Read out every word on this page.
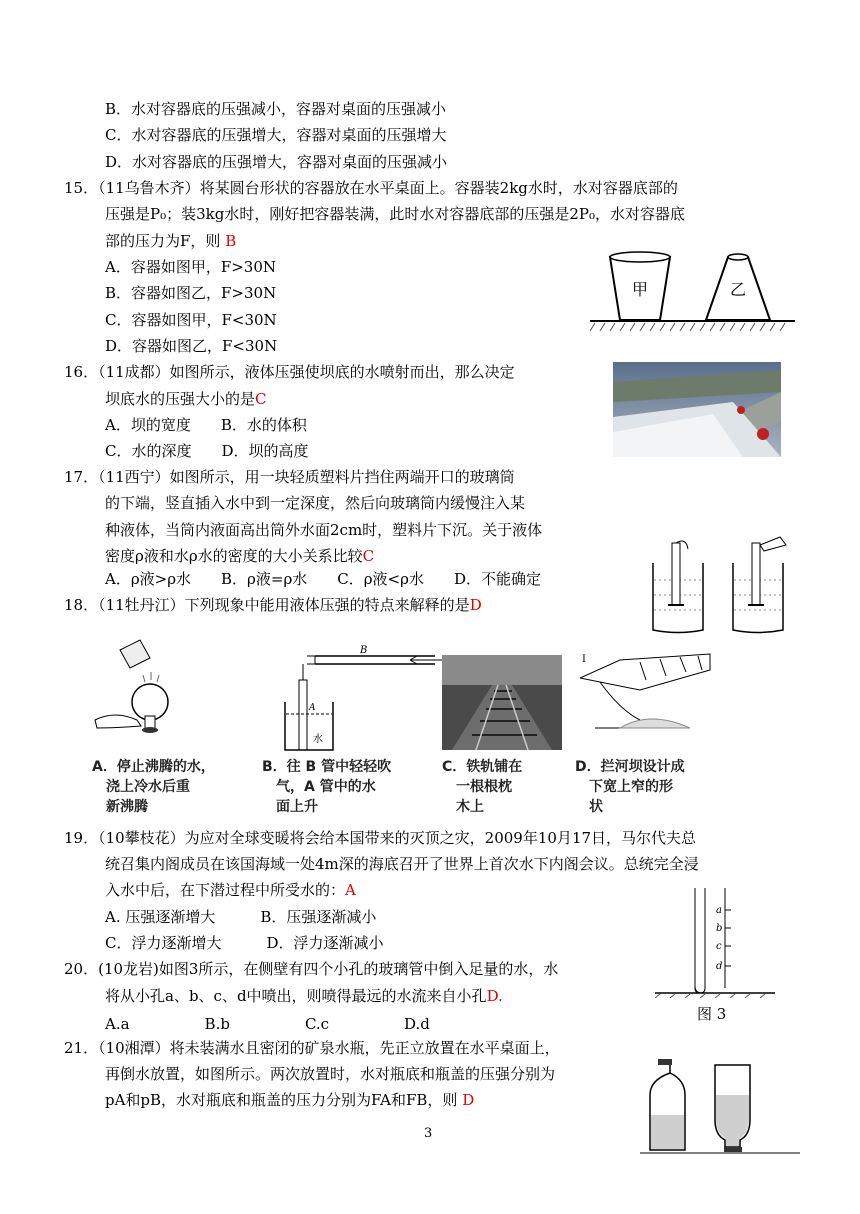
B．水对容器底的压强减小，容器对桌面的压强减小
C．水对容器底的压强增大，容器对桌面的压强增大
D．水对容器底的压强增大，容器对桌面的压强减小
15．（11乌鲁木齐）将某圆台形状的容器放在水平桌面上。容器装2kg水时，水对容器底部的
压强是P₀；装3kg水时，刚好把容器装满，此时水对容器底部的压强是2P₀，水对容器底
部的压力为F，则 B
A．容器如图甲，F>30N
B．容器如图乙，F>30N
C．容器如图甲，F<30N
D．容器如图乙，F<30N
甲	乙
16．（11成都）如图所示，液体压强使坝底的水喷射而出，那么决定
坝底水的压强大小的是C
A．坝的宽度　　B．水的体积
C．水的深度　　D．坝的高度
17．（11西宁）如图所示，用一块轻质塑料片挡住两端开口的玻璃筒
的下端，竖直插入水中到一定深度，然后向玻璃筒内缓慢注入某
种液体，当筒内液面高出筒外水面2cm时，塑料片下沉。关于液体
密度ρ液和水ρ水的密度的大小关系比较C
A．ρ液>ρ水　　B．ρ液=ρ水　　C．ρ液<ρ水　　D．不能确定
18．（11牡丹江）下列现象中能用液体压强的特点来解释的是D
B
A
水
I
A．停止沸腾的水，
　浇上冷水后重
　新沸腾
B．往 B 管中轻轻吹
　气，A 管中的水
　面上升
C．铁轨铺在
　一根根枕
　木上
D．拦河坝设计成
　下宽上窄的形
　状
19．（10攀枝花）为应对全球变暖将会给本国带来的灭顶之灾，2009年10月17日，马尔代夫总
统召集内阁成员在该国海域一处4m深的海底召开了世界上首次水下内阁会议。总统完全浸
入水中后，在下潜过程中所受水的：A
A. 压强逐渐增大　　　B．压强逐渐减小
C．浮力逐渐增大　　　D．浮力逐渐减小
20．(10龙岩)如图3所示，在侧壁有四个小孔的玻璃管中倒入足量的水，水
将从小孔a、b、c、d中喷出，则喷得最远的水流来自小孔D.
A.a　　　　　B.b　　　　　C.c　　　　　D.d
a
b
c
d
图 3
21．（10湘潭）将未装满水且密闭的矿泉水瓶，先正立放置在水平桌面上，
再倒水放置，如图所示。两次放置时，水对瓶底和瓶盖的压强分别为
pA和pB，水对瓶底和瓶盖的压力分别为FA和FB，则 D
3
